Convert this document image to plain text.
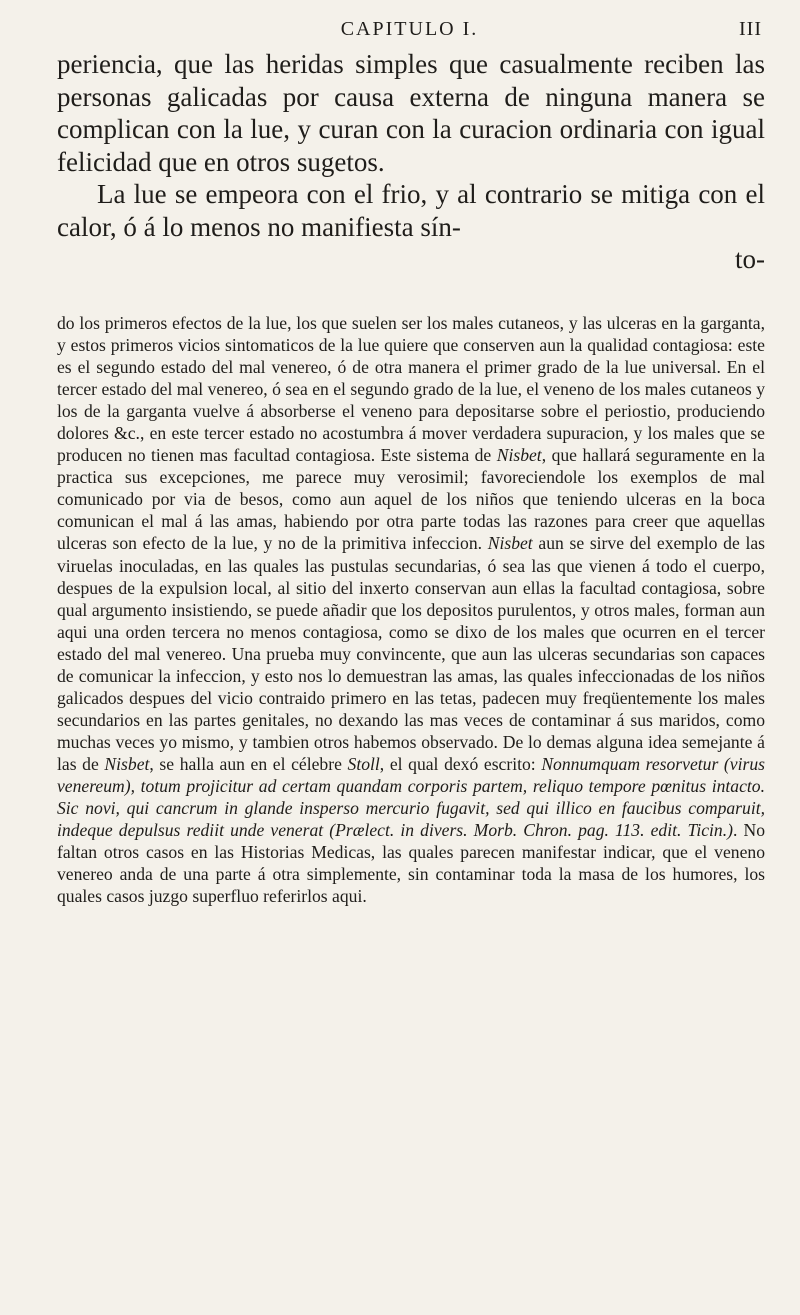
CAPITULO I.	III

periencia, que las heridas simples que casualmente reciben las personas galicadas por causa externa de ninguna manera se complican con la lue, y curan con la curacion ordinaria con igual felicidad que en otros sugetos.

La lue se empeora con el frio, y al contrario se mitiga con el calor, ó á lo menos no manifiesta sín-

to-

do los primeros efectos de la lue, los que suelen ser los males cutaneos, y las ulceras en la garganta, y estos primeros vicios sintomaticos de la lue quiere que conserven aun la qualidad contagiosa: este es el segundo estado del mal venereo, ó de otra manera el primer grado de la lue universal. En el tercer estado del mal venereo, ó sea en el segundo grado de la lue, el veneno de los males cutaneos y los de la garganta vuelve á absorberse el veneno para depositarse sobre el periostio, produciendo dolores &c., en este tercer estado no acostumbra á mover verdadera supuracion, y los males que se producen no tienen mas facultad contagiosa. Este sistema de Nisbet, que hallará seguramente en la practica sus excepciones, me parece muy verosimil; favoreciendole los exemplos de mal comunicado por via de besos, como aun aquel de los niños que teniendo ulceras en la boca comunican el mal á las amas, habiendo por otra parte todas las razones para creer que aquellas ulceras son efecto de la lue, y no de la primitiva infeccion. Nisbet aun se sirve del exemplo de las viruelas inoculadas, en las quales las pustulas secundarias, ó sea las que vienen á todo el cuerpo, despues de la expulsion local, al sitio del inxerto conservan aun ellas la facultad contagiosa, sobre qual argumento insistiendo, se puede añadir que los depositos purulentos, y otros males, forman aun aqui una orden tercera no menos contagiosa, como se dixo de los males que ocurren en el tercer estado del mal venereo. Una prueba muy convincente, que aun las ulceras secundarias son capaces de comunicar la infeccion, y esto nos lo demuestran las amas, las quales infeccionadas de los niños galicados despues del vicio contraido primero en las tetas, padecen muy freqüentemente los males secundarios en las partes genitales, no dexando las mas veces de contaminar á sus maridos, como muchas veces yo mismo, y tambien otros habemos observado. De lo demas alguna idea semejante á las de Nisbet, se halla aun en el célebre Stoll, el qual dexó escrito: Nonnumquam resorvetur (virus venereum), totum projicitur ad certam quandam corporis partem, reliquo tempore pœnitus intacto. Sic novi, qui cancrum in glande insperso mercurio fugavit, sed qui illico en faucibus comparuit, indeque depulsus rediit unde venerat (Prælect. in divers. Morb. Chron. pag. 113. edit. Ticin.). No faltan otros casos en las Historias Medicas, las quales parecen manifestar indicar, que el veneno venereo anda de una parte á otra simplemente, sin contaminar toda la masa de los humores, los quales casos juzgo superfluo referirlos aqui.
